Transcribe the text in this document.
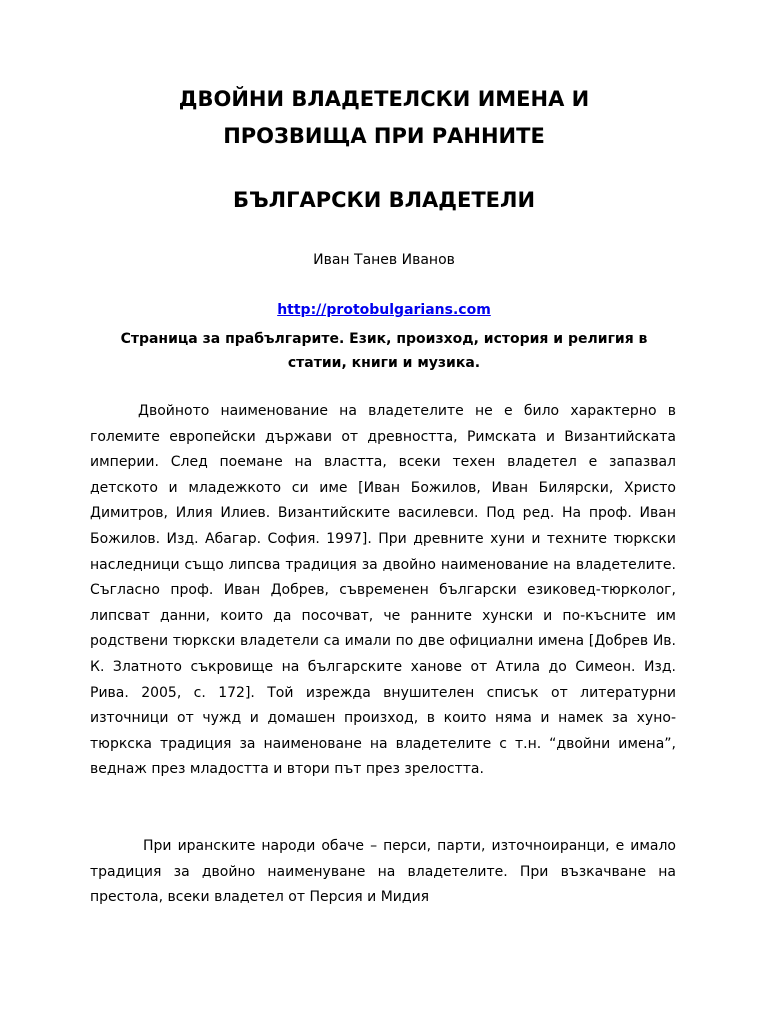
ДВОЙНИ ВЛАДЕТЕЛСКИ ИМЕНА И
ПРОЗВИЩА ПРИ РАННИТЕ
БЪЛГАРСКИ ВЛАДЕТЕЛИ

Иван Танев Иванов

http://protobulgarians.com

Страница за прабългарите. Език, произход, история и религия в статии, книги и музика.

Двойното наименование на владетелите не е било характерно в големите европейски държави от древността, Римската и Византийската империи. След поемане на властта, всеки техен владетел е запазвал детското и младежкото си име [Иван Божилов, Иван Билярски, Христо Димитров, Илия Илиев. Византийските василевси. Под ред. На проф. Иван Божилов. Изд. Абагар. София. 1997]. При древните хуни и техните тюркски наследници също липсва традиция за двойно наименование на владетелите. Съгласно проф. Иван Добрев, съвременен български езиковед-тюрколог, липсват данни, които да посочват, че ранните хунски и по-късните им родствени тюркски владетели са имали по две официални имена [Добрев Ив. К. Златното съкровище на българските ханове от Атила до Симеон. Изд. Рива. 2005, с. 172]. Той изрежда внушителен списък от литературни източници от чужд и домашен произход, в които няма и намек за хуно-тюркска традиция за наименоване на владетелите с т.н. “двойни имена”, веднаж през младостта и втори път през зрелостта.

При иранските народи обаче – перси, парти, източноиранци, е имало традиция за двойно наименуване на владетелите. При възкачване на престола, всеки владетел от Персия и Мидия
